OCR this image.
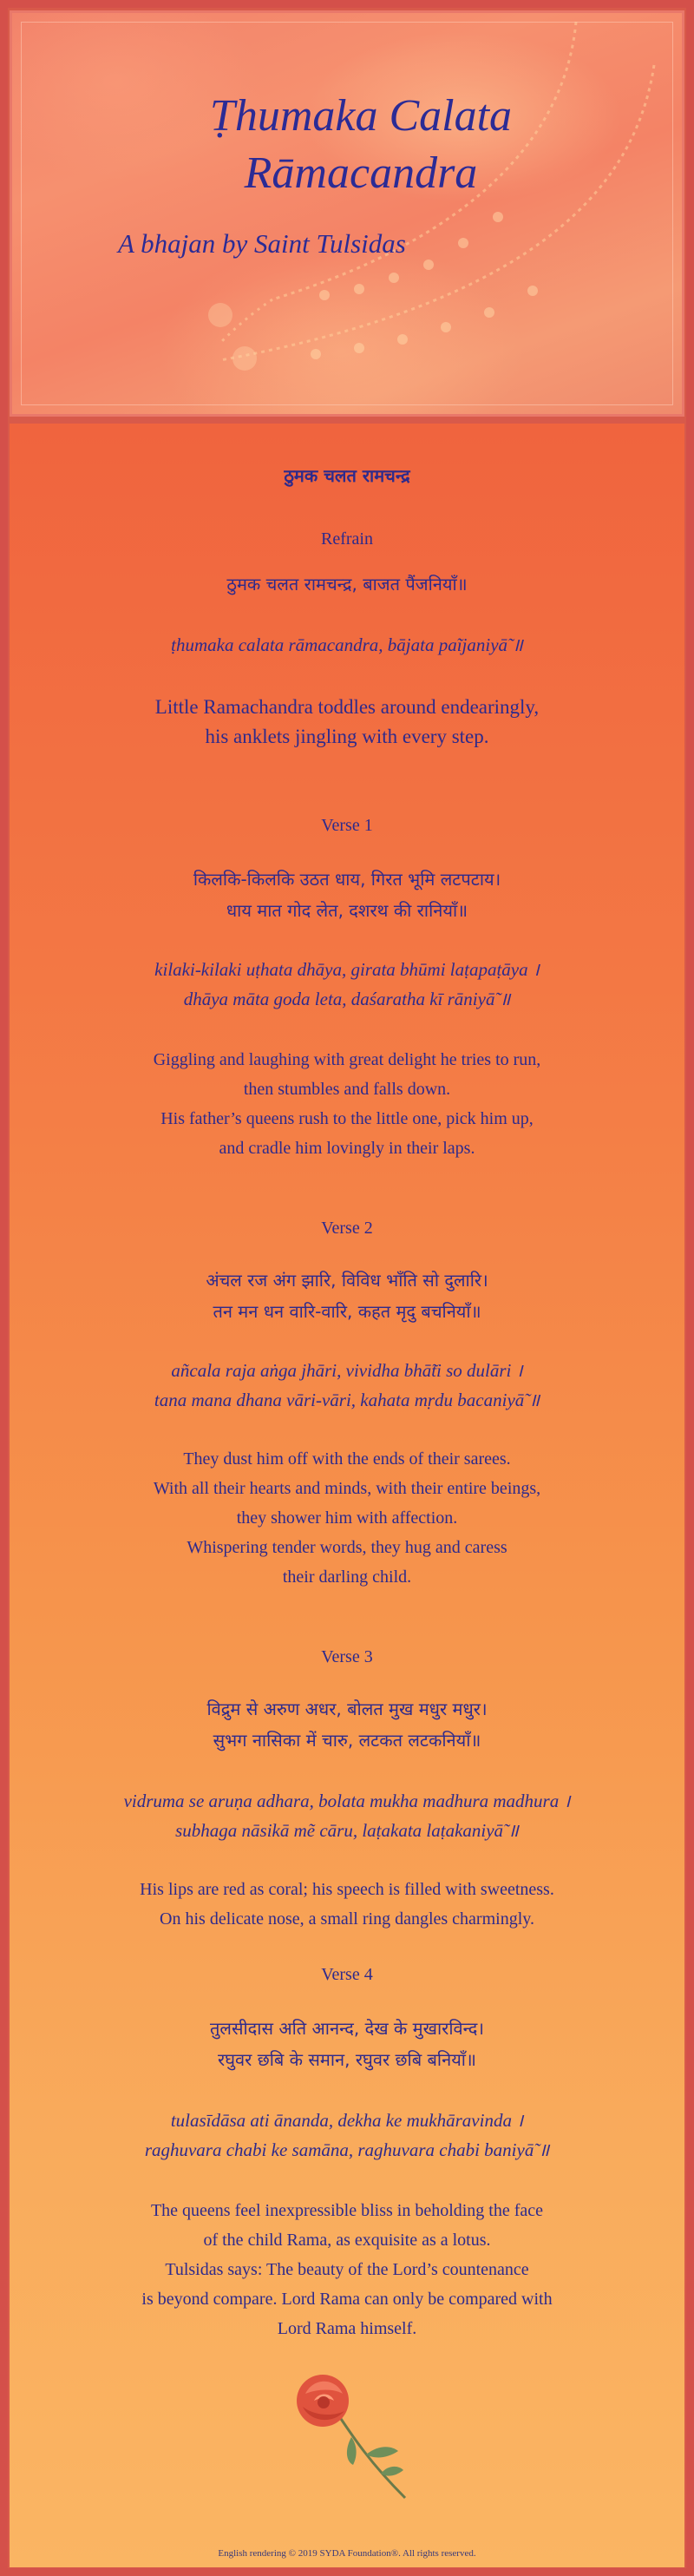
Ṭhumaka Calata
Rāmacandra
A bhajan by Saint Tulsidas
ठुमक चलत रामचन्द्र
Refrain
ठुमक चलत रामचन्द्र, बाजत पैंजनियाँ॥
ṭhumaka calata rāmacandra, bājata paĩjaniyā̃ ॥
Little Ramachandra toddles around endearingly,
his anklets jingling with every step.
Verse 1
किलकि-किलकि उठत धाय, गिरत भूमि लटपटाय।
धाय मात गोद लेत, दशरथ की रानियाँ॥
kilaki-kilaki uṭhata dhāya, girata bhūmi laṭapaṭāya ।
dhāya māta goda leta, daśaratha kī rāniyā̃ ॥
Giggling and laughing with great delight he tries to run,
then stumbles and falls down.
His father’s queens rush to the little one, pick him up,
and cradle him lovingly in their laps.
Verse 2
अंचल रज अंग झारि, विविध भाँति सो दुलारि।
तन मन धन वारि-वारि, कहत मृदु बचनियाँ॥
añcala raja aṅga jhāri, vividha bhā̃ti so dulāri ।
tana mana dhana vāri-vāri, kahata mṛdu bacaniyā̃ ॥
They dust him off with the ends of their sarees.
With all their hearts and minds, with their entire beings,
they shower him with affection.
Whispering tender words, they hug and caress
their darling child.
Verse 3
विद्रुम से अरुण अधर, बोलत मुख मधुर मधुर।
सुभग नासिका में चारु, लटकत लटकनियाँ॥
vidruma se aruṇa adhara, bolata mukha madhura madhura ।
subhaga nāsikā mẽ cāru, laṭakata laṭakaniyā̃ ॥
His lips are red as coral; his speech is filled with sweetness.
On his delicate nose, a small ring dangles charmingly.
Verse 4
तुलसीदास अति आनन्द, देख के मुखारविन्द।
रघुवर छबि के समान, रघुवर छबि बनियाँ॥
tulasīdāsa ati ānanda, dekha ke mukhāravinda ।
raghuvara chabi ke samāna, raghuvara chabi baniyā̃ ॥
The queens feel inexpressible bliss in beholding the face
of the child Rama, as exquisite as a lotus.
Tulsidas says: The beauty of the Lord’s countenance
is beyond compare. Lord Rama can only be compared with
Lord Rama himself.
English rendering © 2019 SYDA Foundation®. All rights reserved.
